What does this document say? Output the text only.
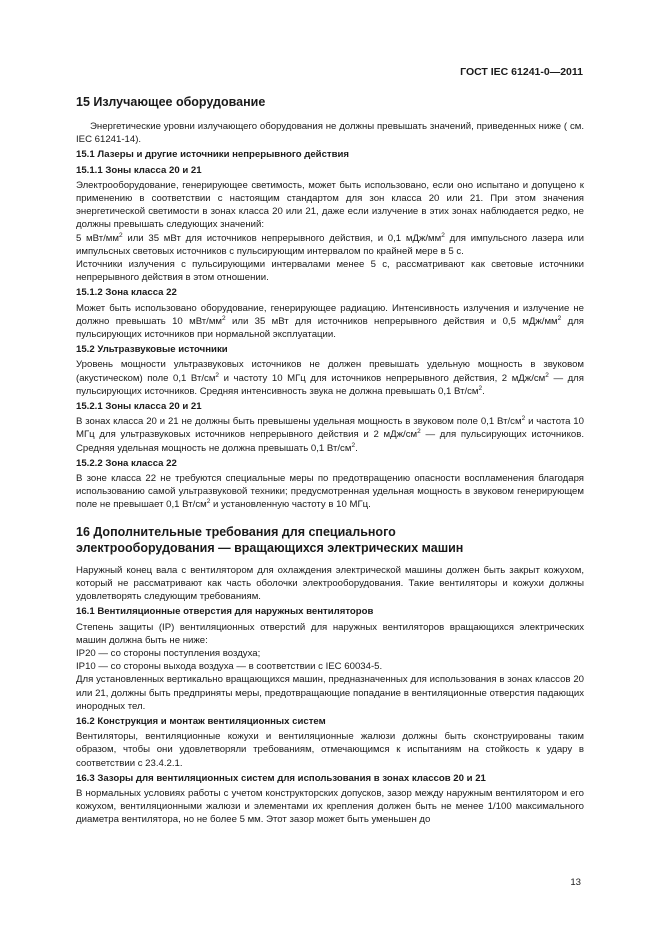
ГОСТ IEC 61241-0—2011
15 Излучающее оборудование

Энергетические уровни излучающего оборудования не должны превышать значений, приведенных ниже ( см. IEC 61241-14).

15.1 Лазеры и другие источники непрерывного действия
15.1.1 Зоны класса 20 и 21

Электрооборудование, генерирующее светимость, может быть использовано, если оно испытано и допущено к применению в соответствии с настоящим стандартом для зон класса 20 или 21. При этом значения энергетической светимости в зонах класса 20 или 21, даже если излучение в этих зонах наблюдается редко, не должны превышать следующих значений:

5 мВт/$мм^2$ или 35 мВт для источников непрерывного действия, и 0,1 мДж/$мм^2$ для импульсного лазера или импульсных световых источников с пульсирующим интервалом по крайней мере в 5 с.

Источники излучения с пульсирующими интервалами менее 5 с, рассматривают как световые источники непрерывного действия в этом отношении.

15.1.2 Зона класса 22

Может быть использовано оборудование, генерирующее радиацию. Интенсивность излучения и излучение не должно превышать 10 мВт/$мм^2$ или 35 мВт для источников непрерывного действия и 0,5 мДж/$мм^2$ для пульсирующих источников при нормальной эксплуатации.

15.2 Ультразвуковые источники

Уровень мощности ультразвуковых источников не должен превышать удельную мощность в звуковом (акустическом) поле 0,1 $Вт/см^2$ и частоту 10 МГц для источников непрерывного действия, 2 мДж/$см^2$ — для пульсирующих источников. Средняя интенсивность звука не должна превышать 0,1 $Вт/см^2$.

15.2.1 Зоны класса 20 и 21

В зонах класса 20 и 21 не должны быть превышены удельная мощность в звуковом поле 0,1 $Вт/см^2$ и частота 10 МГц для ультразвуковых источников непрерывного действия и 2 мДж/$см^2$ — для пульсирующих источников. Средняя удельная мощность не должна превышать 0,1 $Вт/см^2$.

15.2.2 Зона класса 22

В зоне класса 22 не требуются специальные меры по предотвращению опасности воспламенения благодаря использованию самой ультразвуковой техники; предусмотренная удельная мощность в звуковом генерирующем поле не превышает 0,1 $Вт/см^2$ и установленную частоту в 10 МГц.

16 Дополнительные требования для специального
электрооборудования — вращающихся электрических машин

Наружный конец вала с вентилятором для охлаждения электрической машины должен быть закрыт кожухом, который не рассматривают как часть оболочки электрооборудования. Такие вентиляторы и кожухи должны удовлетворять следующим требованиям.

16.1 Вентиляционные отверстия для наружных вентиляторов

Степень защиты (IP) вентиляционных отверстий для наружных вентиляторов вращающихся электрических машин должна быть не ниже:

IP20 — со стороны поступления воздуха;

IP10 — со стороны выхода воздуха — в соответствии с IEC 60034-5.

Для установленных вертикально вращающихся машин, предназначенных для использования в зонах классов 20 или 21, должны быть предприняты меры, предотвращающие попадание в вентиляционные отверстия падающих инородных тел.

16.2 Конструкция и монтаж вентиляционных систем

Вентиляторы, вентиляционные кожухи и вентиляционные жалюзи должны быть сконструированы таким образом, чтобы они удовлетворяли требованиям, отмечающимся к испытаниям на стойкость к удару в соответствии с 23.4.2.1.

16.3 Зазоры для вентиляционных систем для использования в зонах классов 20 и 21

В нормальных условиях работы с учетом конструкторских допусков, зазор между наружным вентилятором и его кожухом, вентиляционными жалюзи и элементами их крепления должен быть не менее 1/100 максимального диаметра вентилятора, но не более 5 мм. Этот зазор может быть уменьшен до

13
